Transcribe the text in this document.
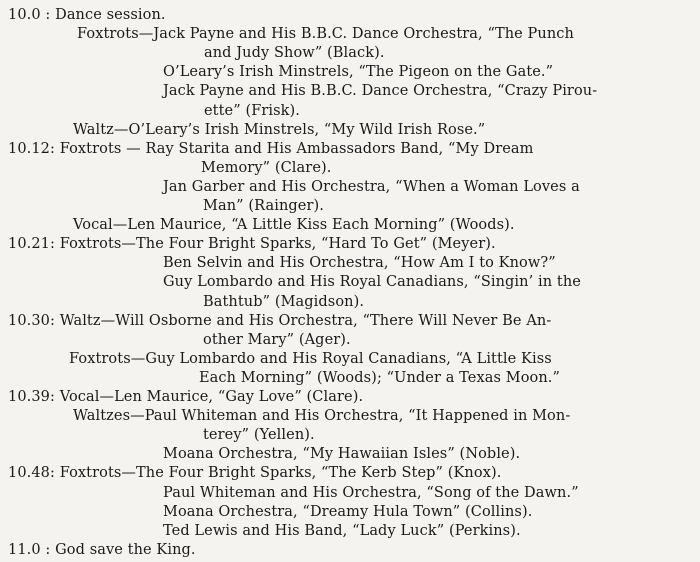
10.0 : Dance session.
Foxtrots—Jack Payne and His B.B.C. Dance Orchestra, “The Punch
and Judy Show” (Black).
O’Leary’s Irish Minstrels, “The Pigeon on the Gate.”
Jack Payne and His B.B.C. Dance Orchestra, “Crazy Pirou-
ette” (Frisk).
Waltz—O’Leary’s Irish Minstrels, “My Wild Irish Rose.”
10.12: Foxtrots — Ray Starita and His Ambassadors Band, “My Dream
Memory” (Clare).
Jan Garber and His Orchestra, “When a Woman Loves a
Man” (Rainger).
Vocal—Len Maurice, “A Little Kiss Each Morning” (Woods).
10.21: Foxtrots—The Four Bright Sparks, “Hard To Get” (Meyer).
Ben Selvin and His Orchestra, “How Am I to Know?”
Guy Lombardo and His Royal Canadians, “Singin’ in the
Bathtub” (Magidson).
10.30: Waltz—Will Osborne and His Orchestra, “There Will Never Be An-
other Mary” (Ager).
Foxtrots—Guy Lombardo and His Royal Canadians, “A Little Kiss
Each Morning” (Woods); “Under a Texas Moon.”
10.39: Vocal—Len Maurice, “Gay Love” (Clare).
Waltzes—Paul Whiteman and His Orchestra, “It Happened in Mon-
terey” (Yellen).
Moana Orchestra, “My Hawaiian Isles” (Noble).
10.48: Foxtrots—The Four Bright Sparks, “The Kerb Step” (Knox).
Paul Whiteman and His Orchestra, “Song of the Dawn.”
Moana Orchestra, “Dreamy Hula Town” (Collins).
Ted Lewis and His Band, “Lady Luck” (Perkins).
11.0 : God save the King.
